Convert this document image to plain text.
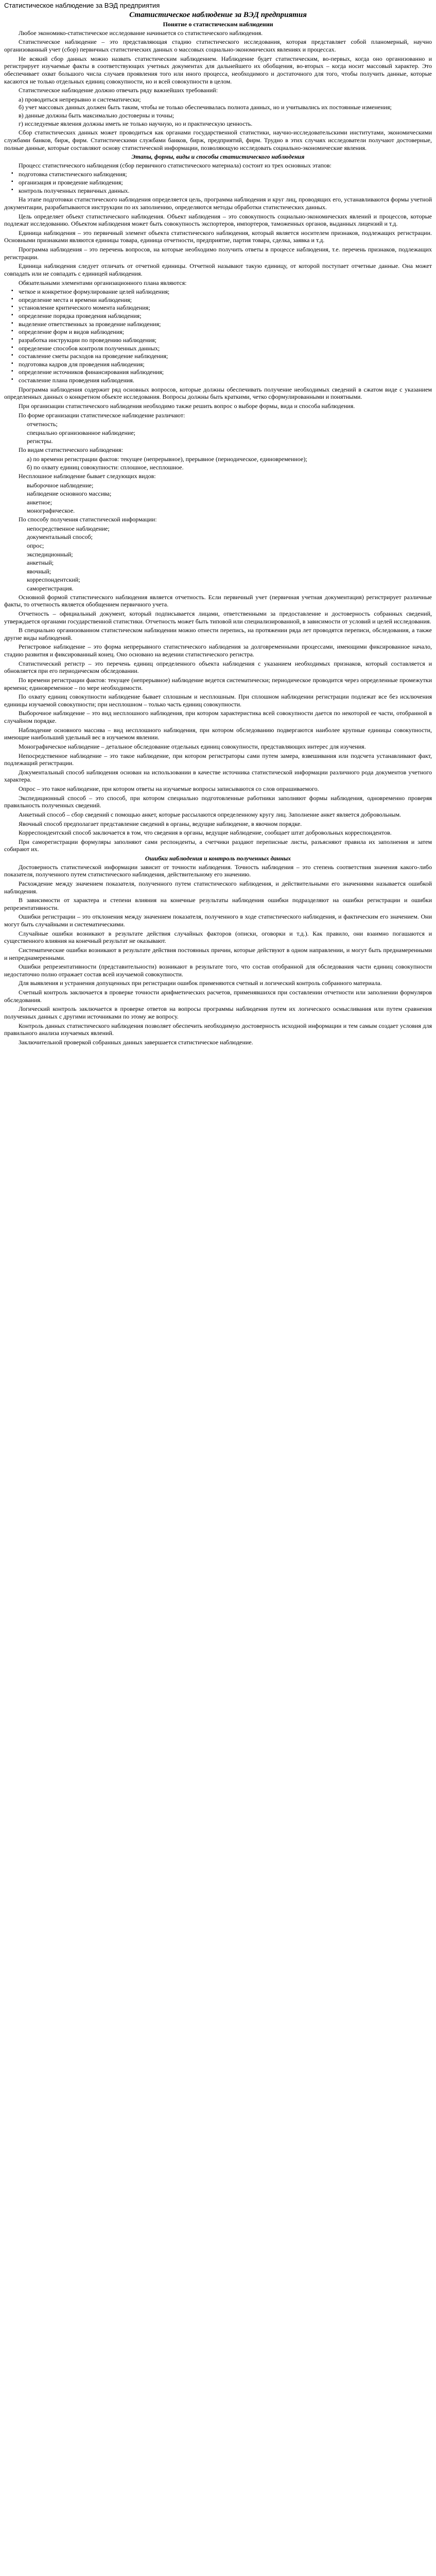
Статистическое наблюдение за ВЭД предприятия
Статистическое наблюдение за ВЭД предприятия
Понятие о статистическом наблюдении

Любое экономико-статистическое исследование начинается со статистического наблюдения.

Статистическое наблюдение – это представляющая стадию статистического исследования, которая представляет собой планомерный, научно организованный учет (сбор) первичных статистических данных о массовых социально-экономических явлениях и процессах.

Не всякий сбор данных можно назвать статистическим наблюдением. Наблюдение будет статистическим, во-первых, когда оно организованно и регистрирует изучаемые факты в соответствующих учетных документах для дальнейшего их обобщения, во-вторых – когда носит массовый характер. Это обеспечивает охват большого числа случаев проявления того или иного процесса, необходимого и достаточного для того, чтобы получить данные, которые касаются не только отдельных единиц совокупности, но и всей совокупности в целом.

Статистическое наблюдение должно отвечать ряду важнейших требований:

а) проводиться непрерывно и систематически;
б) учет массовых данных должен быть таким, чтобы не только обеспечивалась полнота данных, но и учитывались их постоянные изменения;
в) данные должны быть максимально достоверны и точны;
г) исследуемые явления должны иметь не только научную, но и практическую ценность.

Сбор статистических данных может проводиться как органами государственной статистики, научно-исследовательскими институтами, экономическими службами банков, бирж, фирм. Статистическими службами банков, бирж, предприятий, фирм. Трудно в этих случаях исследователи получают достоверные, полные данные, которые составляют основу статистической информации, позволяющую исследовать социально-экономические явления.

Этапы, формы, виды и способы статистического наблюдения

Процесс статистического наблюдения (сбор первичного статистического материала) состоит из трех основных этапов:

▪ подготовка статистического наблюдения;
▪ организация и проведение наблюдения;
▪ контроль полученных первичных данных.

На этапе подготовки статистического наблюдения определяется цель, программа наблюдения и круг лиц, проводящих его, устанавливаются формы учетной документации, разрабатываются инструкции по их заполнению, определяются методы обработки статистических данных.

Цель определяет объект статистического наблюдения. Объект наблюдения – это совокупность социально-экономических явлений и процессов, которые подлежат исследованию. Объектом наблюдения может быть совокупность экспортеров, импортеров, таможенных органов, выданных лицензий и т.д.

Единица наблюдения – это первичный элемент объекта статистического наблюдения, который является носителем признаков, подлежащих регистрации. Основными признаками являются единицы товара, единица отчетности, предприятие, партия товара, сделка, заявка и т.д.

Программа наблюдения – это перечень вопросов, на которые необходимо получить ответы в процессе наблюдения, т.е. перечень признаков, подлежащих регистрации.

Единица наблюдения следует отличать от отчетной единицы. Отчетной называют такую единицу, от которой поступает отчетные данные. Она может совпадать или не совпадать с единицей наблюдения.

Обязательными элементами организационного плана являются:

▪ четкое и конкретное формулирование целей наблюдения;
▪ определение места и времени наблюдения;
▪ установление критического момента наблюдения;
▪ определение порядка проведения наблюдения;
▪ выделение ответственных за проведение наблюдения;
▪ определение форм и видов наблюдения;
▪ разработка инструкции по проведению наблюдения;
▪ определение способов контроля полученных данных;
▪ составление сметы расходов на проведение наблюдения;
▪ подготовка кадров для проведения наблюдения;
▪ определение источников финансирования наблюдения;
▪ составление плана проведения наблюдения.

Программа наблюдения содержит ряд основных вопросов, которые должны обеспечивать получение необходимых сведений в сжатом виде с указанием определенных данных о конкретном объекте исследования. Вопросы должны быть краткими, четко сформулированными и понятными.

При организации статистического наблюдения необходимо также решить вопрос о выборе формы, вида и способа наблюдения.

По форме организации статистическое наблюдение различают:

отчетность;
специально организованное наблюдение;
регистры.

По видам статистического наблюдения:

а) по времени регистрации фактов: текущее (непрерывное), прерывное (периодическое, единовременное);
б) по охвату единиц совокупности: сплошное, несплошное.

Несплошное наблюдение бывает следующих видов:

выборочное наблюдение;
наблюдение основного массива;
анкетное;
монографическое.

По способу получения статистической информации:

непосредственное наблюдение;
документальный способ;
опрос;
экспедиционный;
анкетный;
явочный;
корреспондентский;
саморегистрация.

Основной формой статистического наблюдения является отчетность. Если первичный учет (первичная учетная документация) регистрирует различные факты, то отчетность является обобщением первичного учета.

Отчетность – официальный документ, который подписывается лицами, ответственными за предоставление и достоверность собранных сведений, утверждается органами государственной статистики. Отчетность может быть типовой или специализированной, в зависимости от условий и целей исследования.

В специально организованном статистическом наблюдении можно отнести перепись, на протяжении ряда лет проводятся переписи, обследования, а также другие виды наблюдений.

Регистровое наблюдение – это форма непрерывного статистического наблюдения за долговременными процессами, имеющими фиксированное начало, стадию развития и фиксированный конец. Оно основано на ведении статистического регистра.

Статистический регистр – это перечень единиц определенного объекта наблюдения с указанием необходимых признаков, который составляется и обновляется при его периодическом обследовании.

По времени регистрации фактов: текущее (непрерывное) наблюдение ведется систематически; периодическое проводится через определенные промежутки времени; единовременное – по мере необходимости.

По охвату единиц совокупности наблюдение бывает сплошным и несплошным. При сплошном наблюдении регистрации подлежат все без исключения единицы изучаемой совокупности; при несплошном – только часть единиц совокупности.

Выборочное наблюдение – это вид несплошного наблюдения, при котором характеристика всей совокупности дается по некоторой ее части, отобранной в случайном порядке.

Наблюдение основного массива – вид несплошного наблюдения, при котором обследованию подвергаются наиболее крупные единицы совокупности, имеющие наибольший удельный вес в изучаемом явлении.

Монографическое наблюдение – детальное обследование отдельных единиц совокупности, представляющих интерес для изучения.

Непосредственное наблюдение – это такое наблюдение, при котором регистраторы сами путем замера, взвешивания или подсчета устанавливают факт, подлежащий регистрации.

Документальный способ наблюдения основан на использовании в качестве источника статистической информации различного рода документов учетного характера.

Опрос – это такое наблюдение, при котором ответы на изучаемые вопросы записываются со слов опрашиваемого.

Экспедиционный способ – это способ, при котором специально подготовленные работники заполняют формы наблюдения, одновременно проверяя правильность полученных сведений.

Анкетный способ – сбор сведений с помощью анкет, которые рассылаются определенному кругу лиц. Заполнение анкет является добровольным.

Явочный способ предполагает представление сведений в органы, ведущие наблюдение, в явочном порядке.

Корреспондентский способ заключается в том, что сведения в органы, ведущие наблюдение, сообщает штат добровольных корреспондентов.

При саморегистрации формуляры заполняют сами респонденты, а счетчики раздают переписные листы, разъясняют правила их заполнения и затем собирают их.

Ошибки наблюдения и контроль полученных данных

Достоверность статистической информации зависит от точности наблюдения. Точность наблюдения – это степень соответствия значения какого-либо показателя, полученного путем статистического наблюдения, действительному его значению.

Расхождение между значением показателя, полученного путем статистического наблюдения, и действительными его значениями называется ошибкой наблюдения.

В зависимости от характера и степени влияния на конечные результаты наблюдения ошибки подразделяют на ошибки регистрации и ошибки репрезентативности.

Ошибки регистрации – это отклонения между значением показателя, полученного в ходе статистического наблюдения, и фактическим его значением. Они могут быть случайными и систематическими.

Случайные ошибки возникают в результате действия случайных факторов (описки, оговорки и т.д.). Как правило, они взаимно погашаются и существенного влияния на конечный результат не оказывают.

Систематические ошибки возникают в результате действия постоянных причин, которые действуют в одном направлении, и могут быть преднамеренными и непреднамеренными.

Ошибки репрезентативности (представительности) возникают в результате того, что состав отобранной для обследования части единиц совокупности недостаточно полно отражает состав всей изучаемой совокупности.

Для выявления и устранения допущенных при регистрации ошибок применяются счетный и логический контроль собранного материала.

Счетный контроль заключается в проверке точности арифметических расчетов, применявшихся при составлении отчетности или заполнении формуляров обследования.

Логический контроль заключается в проверке ответов на вопросы программы наблюдения путем их логического осмысливания или путем сравнения полученных данных с другими источниками по этому же вопросу.

Контроль данных статистического наблюдения позволяет обеспечить необходимую достоверность исходной информации и тем самым создает условия для правильного анализа изучаемых явлений.

Заключительной проверкой собранных данных завершается статистическое наблюдение.
